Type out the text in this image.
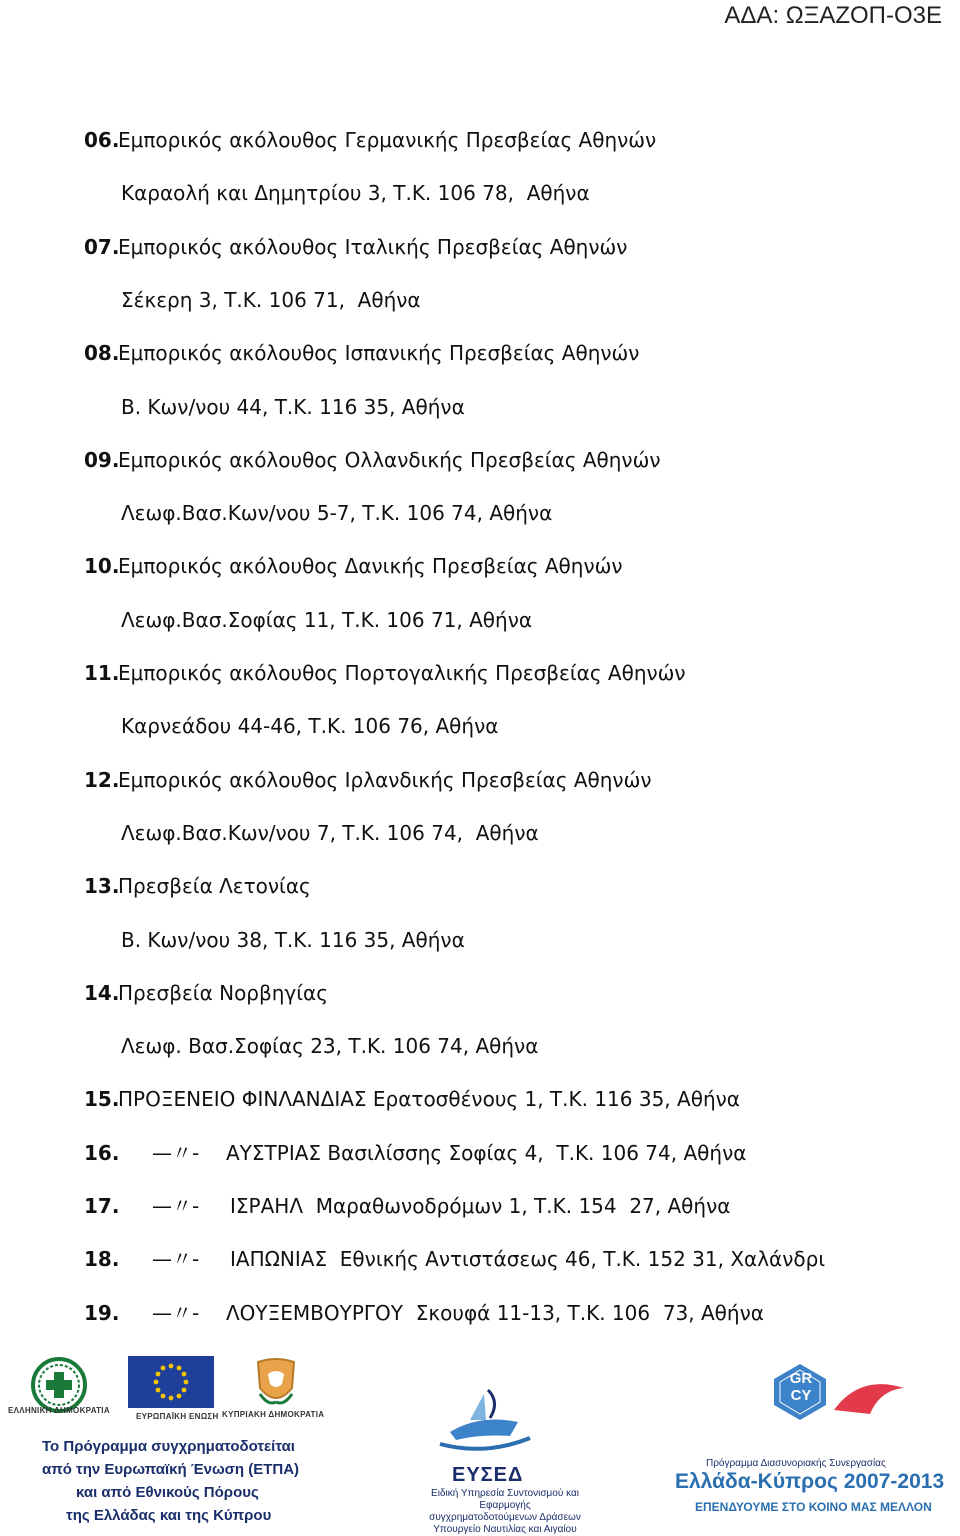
ΑΔΑ: ΩΞΑΖΟΠ-Ο3Ε
06.
Εμπορικός ακόλουθος Γερμανικής Πρεσβείας Αθηνών
Καραολή και Δημητρίου 3, Τ.Κ. 106 78,  Αθήνα
07.
Εμπορικός ακόλουθος Ιταλικής Πρεσβείας Αθηνών
Σέκερη 3, Τ.Κ. 106 71,  Αθήνα
08.
Εμπορικός ακόλουθος Ισπανικής Πρεσβείας Αθηνών
Β. Κων/νου 44, Τ.Κ. 116 35, Αθήνα
09.
Εμπορικός ακόλουθος Ολλανδικής Πρεσβείας Αθηνών
Λεωφ.Βασ.Κων/νου 5-7, Τ.Κ. 106 74, Αθήνα
10.
Εμπορικός ακόλουθος Δανικής Πρεσβείας Αθηνών
Λεωφ.Βασ.Σοφίας 11, Τ.Κ. 106 71, Αθήνα
11.
Εμπορικός ακόλουθος Πορτογαλικής Πρεσβείας Αθηνών
Καρνεάδου 44-46, Τ.Κ. 106 76, Αθήνα
12.
Εμπορικός ακόλουθος Ιρλανδικής Πρεσβείας Αθηνών
Λεωφ.Βασ.Κων/νου 7, Τ.Κ. 106 74,  Αθήνα
13.
Πρεσβεία Λετονίας
Β. Κων/νου 38, Τ.Κ. 116 35, Αθήνα
14.
Πρεσβεία Νορβηγίας
Λεωφ. Βασ.Σοφίας 23, Τ.Κ. 106 74, Αθήνα
15.
ΠΡΟΞΕΝΕΙΟ ΦΙΝΛΑΝΔΙΑΣ Ερατοσθένους 1, Τ.Κ. 116 35, Αθήνα
16. —〃- ΑΥΣΤΡΙΑΣ Βασιλίσσης Σοφίας 4,  Τ.Κ. 106 74, Αθήνα
17. —〃- ΙΣΡΑΗΛ  Μαραθωνοδρόμων 1, Τ.Κ. 154  27, Αθήνα
18. —〃- ΙΑΠΩΝΙΑΣ  Εθνικής Αντιστάσεως 46, Τ.Κ. 152 31, Χαλάνδρι
19. —〃- ΛΟΥΞΕΜΒΟΥΡΓΟΥ  Σκουφά 11-13, Τ.Κ. 106  73, Αθήνα
ΕΛΛΗΝΙΚΗ ΔΗΜΟΚΡΑΤΙΑ
ΕΥΡΩΠΑΪΚΗ ΕΝΩΣΗ ΚΥΠΡΙΑΚΗ ΔΗΜΟΚΡΑΤΙΑ
Το Πρόγραμμα συγχρηματοδοτείται
από την Ευρωπαϊκή Ένωση (ΕΤΠΑ)
και από Εθνικούς Πόρους
της Ελλάδας και της Κύπρου
ΕΥΣΕΔ
Ειδική Υπηρεσία Συντονισμού και Εφαρμογής
συγχρηματοδοτούμενων Δράσεων
Υπουργείο Ναυτιλίας και Αιγαίου
GR CY
Πρόγραμμα Διασυνοριακής Συνεργασίας
Ελλάδα-Κύπρος 2007-2013
ΕΠΕΝΔΥΟΥΜΕ ΣΤΟ ΚΟΙΝΟ ΜΑΣ ΜΕΛΛΟΝ
